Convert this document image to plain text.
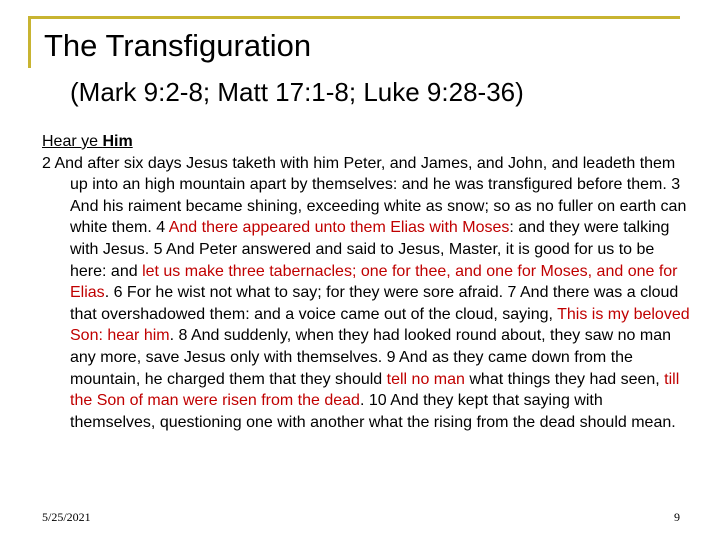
The Transfiguration
(Mark 9:2-8; Matt 17:1-8; Luke 9:28-36)

Hear ye Him

2 And after six days Jesus taketh with him Peter, and James, and John, and leadeth them up into an high mountain apart by themselves: and he was transfigured before them. 3 And his raiment became shining, exceeding white as snow; so as no fuller on earth can white them. 4 And there appeared unto them Elias with Moses: and they were talking with Jesus. 5 And Peter answered and said to Jesus, Master, it is good for us to be here: and let us make three tabernacles; one for thee, and one for Moses, and one for Elias. 6 For he wist not what to say; for they were sore afraid. 7 And there was a cloud that overshadowed them: and a voice came out of the cloud, saying, This is my beloved Son: hear him. 8 And suddenly, when they had looked round about, they saw no man any more, save Jesus only with themselves. 9 And as they came down from the mountain, he charged them that they should tell no man what things they had seen, till the Son of man were risen from the dead. 10 And they kept that saying with themselves, questioning one with another what the rising from the dead should mean.

5/25/2021	9
